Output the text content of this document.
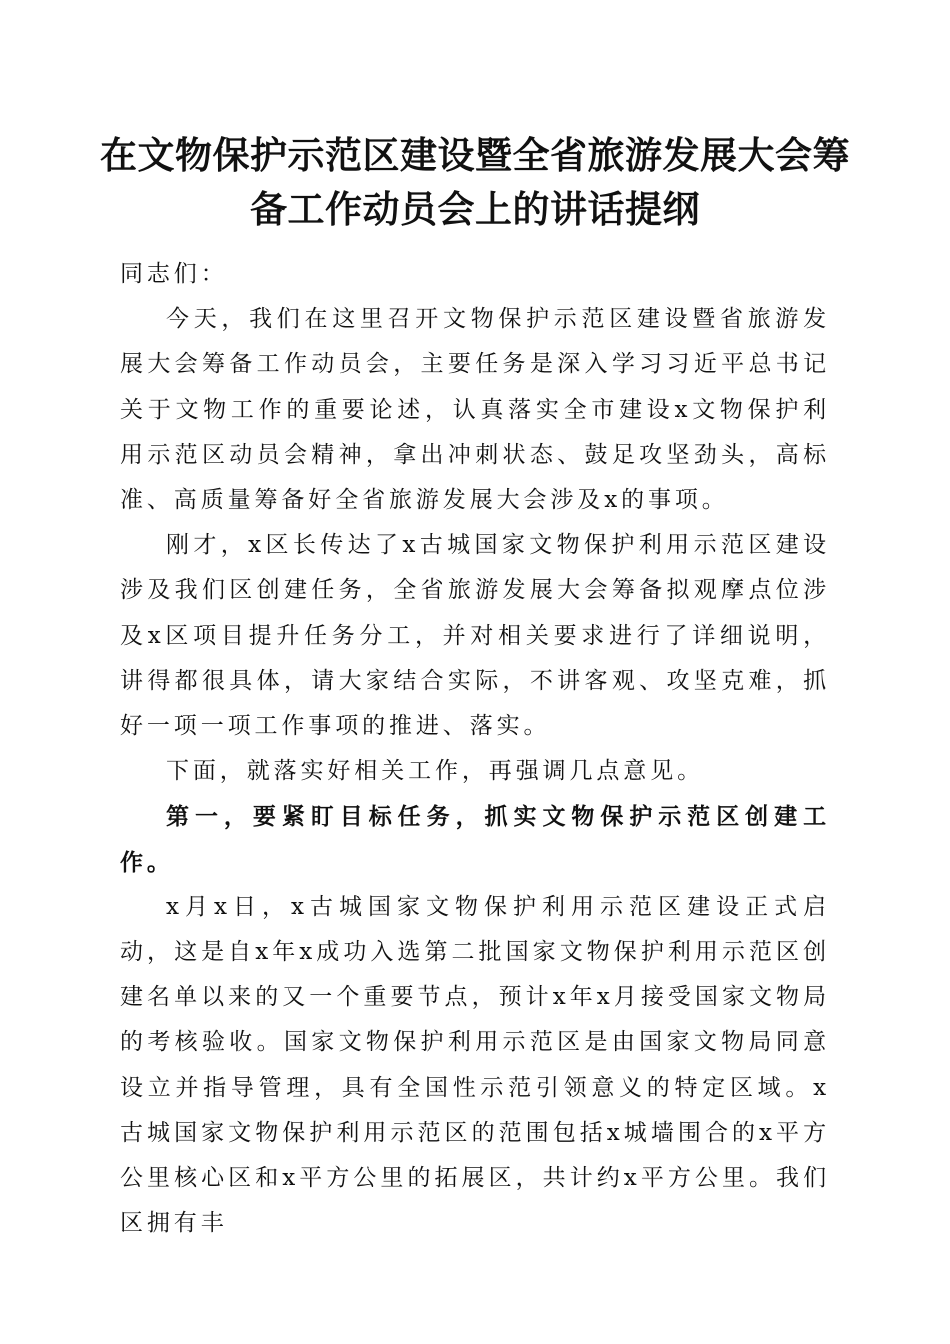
在文物保护示范区建设暨全省旅游发展大会筹备工作动员会上的讲话提纲

同志们：

今天，我们在这里召开文物保护示范区建设暨省旅游发展大会筹备工作动员会，主要任务是深入学习习近平总书记关于文物工作的重要论述，认真落实全市建设x文物保护利用示范区动员会精神，拿出冲刺状态、鼓足攻坚劲头，高标准、高质量筹备好全省旅游发展大会涉及x的事项。

刚才，x区长传达了x古城国家文物保护利用示范区建设涉及我们区创建任务，全省旅游发展大会筹备拟观摩点位涉及x区项目提升任务分工，并对相关要求进行了详细说明，讲得都很具体，请大家结合实际，不讲客观、攻坚克难，抓好一项一项工作事项的推进、落实。

下面，就落实好相关工作，再强调几点意见。

第一，要紧盯目标任务，抓实文物保护示范区创建工作。

x月x日，x古城国家文物保护利用示范区建设正式启动，这是自x年x成功入选第二批国家文物保护利用示范区创建名单以来的又一个重要节点，预计x年x月接受国家文物局的考核验收。国家文物保护利用示范区是由国家文物局同意设立并指导管理，具有全国性示范引领意义的特定区域。x古城国家文物保护利用示范区的范围包括x城墙围合的x平方公里核心区和x平方公里的拓展区，共计约x平方公里。我们区拥有丰
